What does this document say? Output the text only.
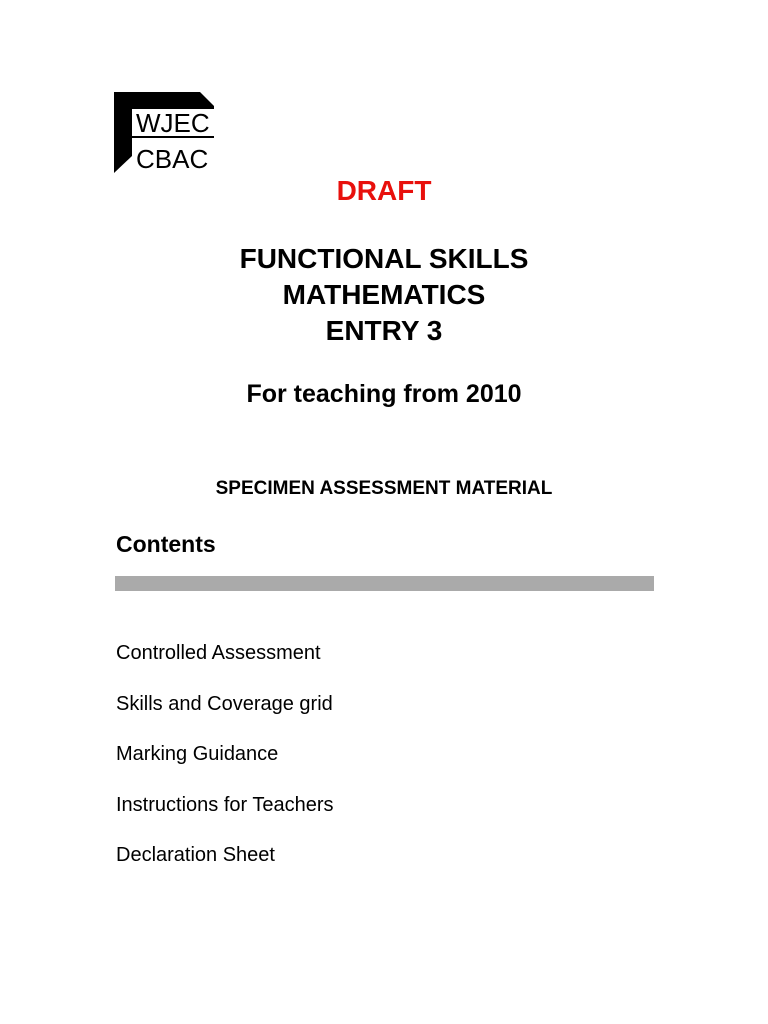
WJEC
CBAC

DRAFT

FUNCTIONAL SKILLS
MATHEMATICS
ENTRY 3

For teaching from 2010

SPECIMEN ASSESSMENT MATERIAL

Contents
Controlled Assessment
Skills and Coverage grid
Marking Guidance
Instructions for Teachers
Declaration Sheet
